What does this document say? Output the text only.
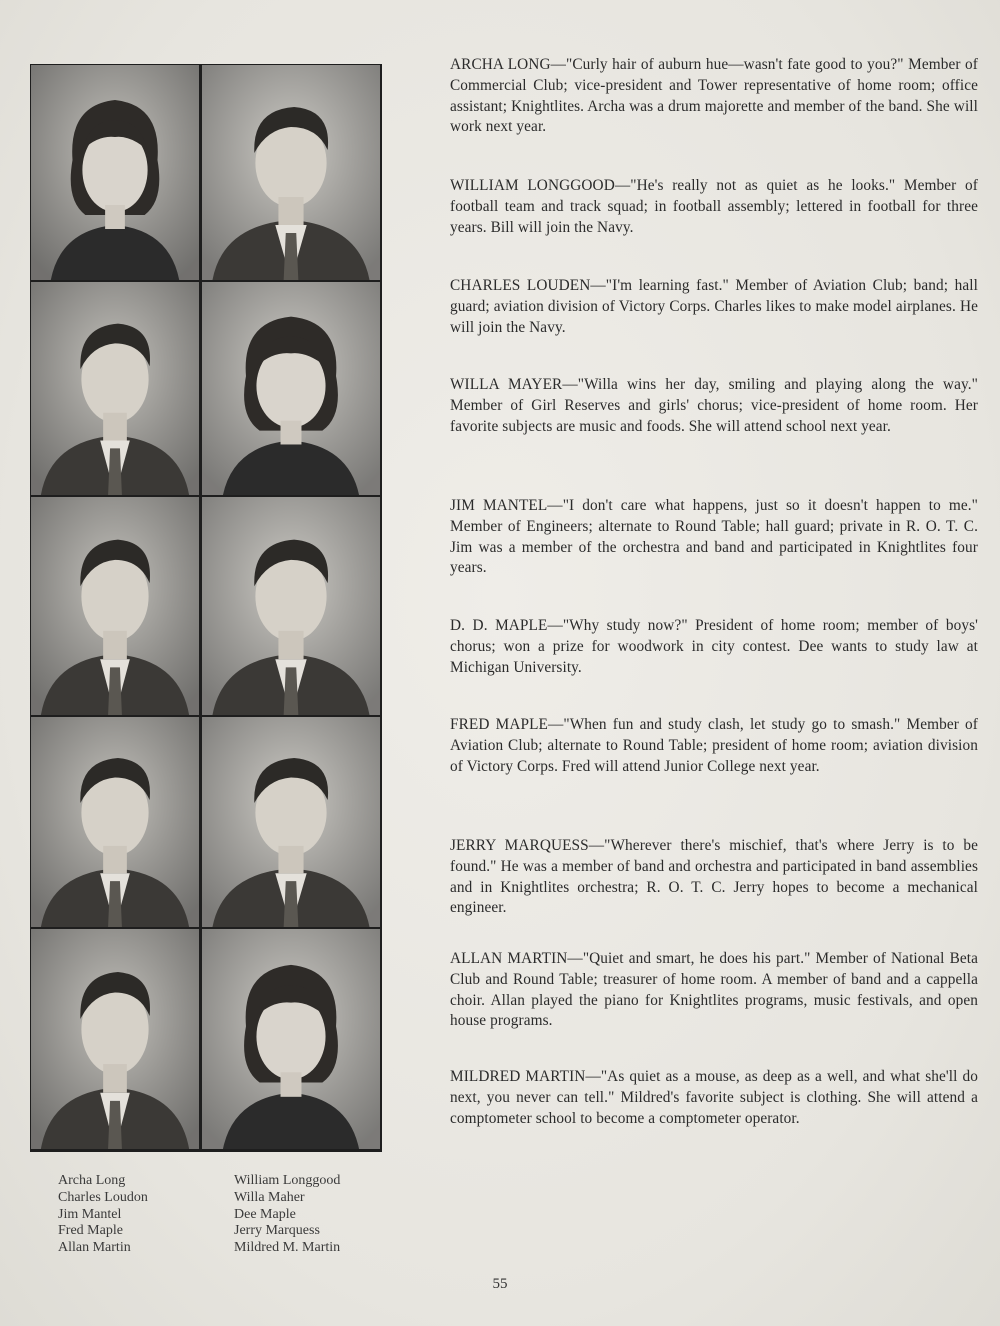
Archa Long
Charles Loudon
Jim Mantel
Fred Maple
Allan Martin
William Longgood
Willa Maher
Dee Maple
Jerry Marquess
Mildred M. Martin

ARCHA LONG—"Curly hair of auburn hue—wasn't fate good to you?" Member of Commercial Club; vice-president and Tower representative of home room; office assistant; Knightlites. Archa was a drum majorette and member of the band. She will work next year.

WILLIAM LONGGOOD—"He's really not as quiet as he looks." Member of football team and track squad; in football assembly; lettered in football for three years. Bill will join the Navy.

CHARLES LOUDEN—"I'm learning fast." Member of Aviation Club; band; hall guard; aviation division of Victory Corps. Charles likes to make model airplanes. He will join the Navy.

WILLA MAYER—"Willa wins her day, smiling and playing along the way." Member of Girl Reserves and girls' chorus; vice-president of home room. Her favorite subjects are music and foods. She will attend school next year.

JIM MANTEL—"I don't care what happens, just so it doesn't happen to me." Member of Engineers; alternate to Round Table; hall guard; private in R. O. T. C. Jim was a member of the orchestra and band and participated in Knightlites four years.

D. D. MAPLE—"Why study now?" President of home room; member of boys' chorus; won a prize for woodwork in city contest. Dee wants to study law at Michigan University.

FRED MAPLE—"When fun and study clash, let study go to smash." Member of Aviation Club; alternate to Round Table; president of home room; aviation division of Victory Corps. Fred will attend Junior College next year.

JERRY MARQUESS—"Wherever there's mischief, that's where Jerry is to be found." He was a member of band and orchestra and participated in band assemblies and in Knightlites orchestra; R. O. T. C. Jerry hopes to become a mechanical engineer.

ALLAN MARTIN—"Quiet and smart, he does his part." Member of National Beta Club and Round Table; treasurer of home room. A member of band and a cappella choir. Allan played the piano for Knightlites programs, music festivals, and open house programs.

MILDRED MARTIN—"As quiet as a mouse, as deep as a well, and what she'll do next, you never can tell." Mildred's favorite subject is clothing. She will attend a comptometer school to become a comptometer operator.

55
